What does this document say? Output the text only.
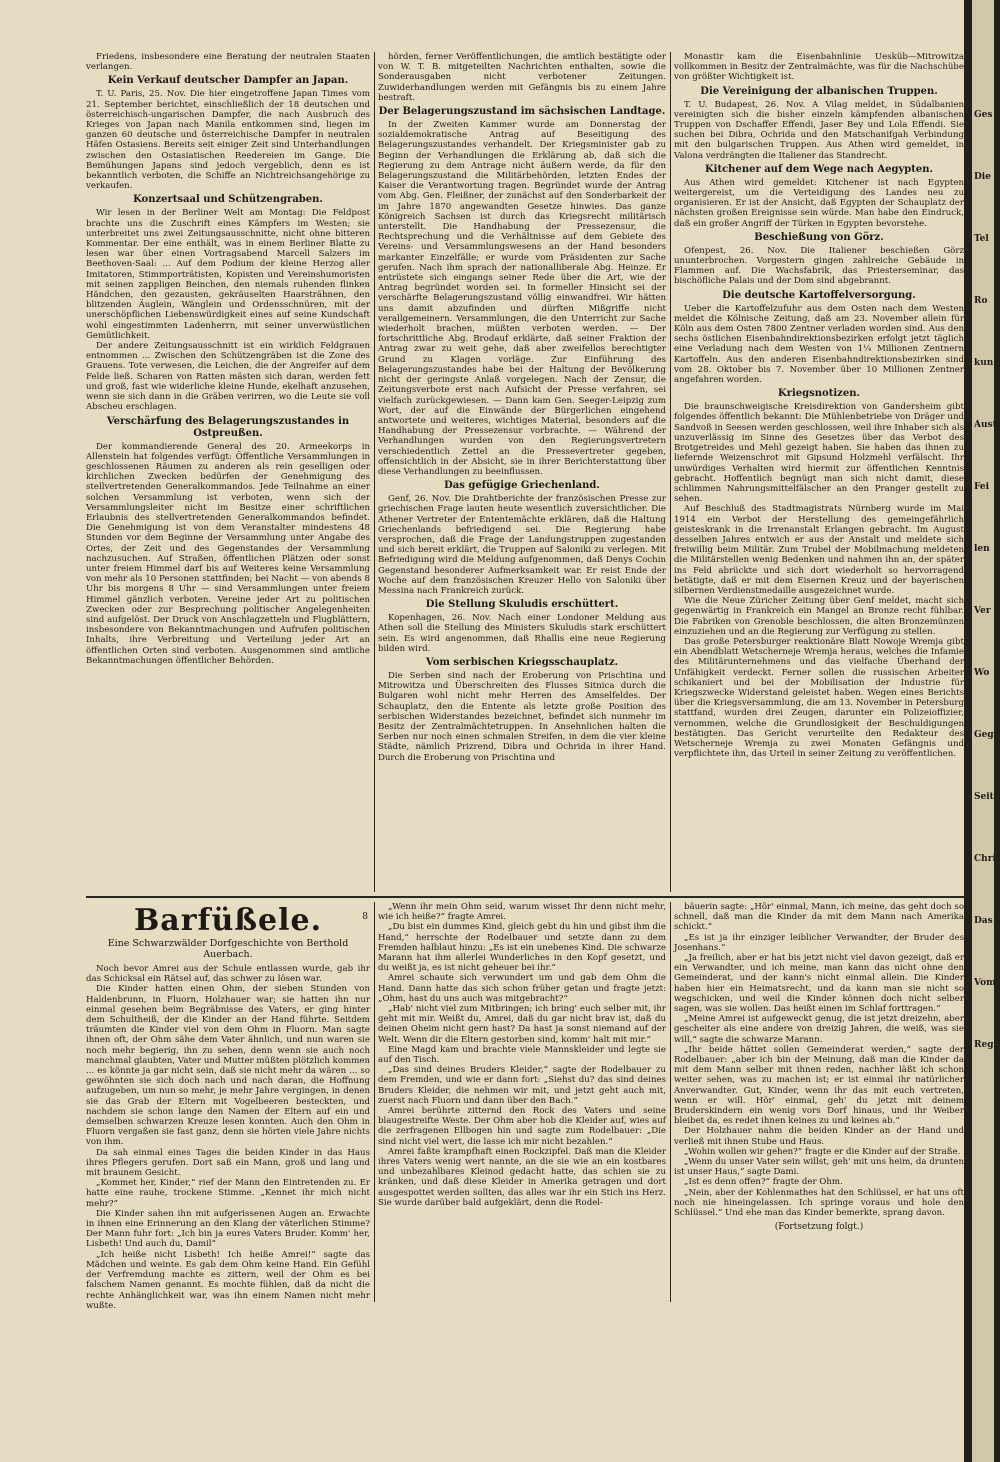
Friedens, insbesondere eine Beratung der neutralen Staaten verlangen.

Kein Verkauf deutscher Dampfer an Japan.

T. U. Paris, 25. Nov. Die hier eingetroffene Japan Times vom 21. September berichtet, einschließlich der 18 deutschen und österreichisch-ungarischen Dampfer, die nach Ausbruch des Krieges von Japan nach Manila entkommen sind, liegen im ganzen 60 deutsche und österreichische Dampfer in neutralen Häfen Ostasiens. Bereits seit einiger Zeit sind Unterhandlungen zwischen den Ostasiatischen Reedereien im Gange. Die Bemühungen Japans sind jedoch vergeblich, denn es ist bekanntlich verboten, die Schiffe an Nichtreichsangehörige zu verkaufen.

Konzertsaal und Schützengraben.

Wir lesen in der Berliner Welt am Montag: Die Feldpost brachte uns die Zuschrift eines Kämpfers im Westen; sie unterbreitet uns zwei Zeitungsausschnitte, nicht ohne bitteren Kommentar. Der eine enthält, was in einem Berliner Blatte zu lesen war über einen Vortragsabend Marcell Salzers im Beethoven-Saal: ... Auf dem Podium der kleine Herzog aller Imitatoren, Stimmporträtisten, Kopisten und Vereinshumoristen mit seinen zappligen Beinchen, den niemals ruhenden flinken Händchen, den gezausten, gekräuselten Haarsträhnen, den blitzenden Äuglein, Wänglein und Ordensschnüren, mit der unerschöpflichen Liebenswürdigkeit eines auf seine Kundschaft wohl eingestimmten Ladenherrn, mit seiner unverwüstlichen Gemütlichkeit.

Der andere Zeitungsausschnitt ist ein wirklich Feldgrauen entnommen ... Zwischen den Schützengräben ist die Zone des Grauens. Tote verwesen, die Leichen, die der Angreifer auf dem Felde ließ. Scharen von Ratten mästen sich daran, werden fett und groß, fast wie widerliche kleine Hunde, ekelhaft anzusehen, wenn sie sich dann in die Gräben verirren, wo die Leute sie voll Abscheu erschlagen.

Verschärfung des Belagerungszustandes in Ostpreußen.

Der kommandierende General des 20. Armeekorps in Allenstein hat folgendes verfügt: Öffentliche Versammlungen in geschlossenen Räumen zu anderen als rein geselligen oder kirchlichen Zwecken bedürfen der Genehmigung des stellvertretenden Generalkommandos. Jede Teilnahme an einer solchen Versammlung ist verboten, wenn sich der Versammlungsleiter nicht im Besitze einer schriftlichen Erlaubnis des stellvertretenden Generalkommandos befindet. Die Genehmigung ist von dem Veranstalter mindestens 48 Stunden vor dem Beginne der Versammlung unter Angabe des Ortes, der Zeit und des Gegenstandes der Versammlung nachzusuchen. Auf Straßen, öffentlichen Plätzen oder sonst unter freiem Himmel darf bis auf Weiteres keine Versammlung von mehr als 10 Personen stattfinden; bei Nacht — von abends 8 Uhr bis morgens 8 Uhr — sind Versammlungen unter freiem Himmel gänzlich verboten. Vereine jeder Art zu politischen Zwecken oder zur Besprechung politischer Angelegenheiten sind aufgelöst. Der Druck von Anschlagzetteln und Flugblättern, insbesondere von Bekanntmachungen und Aufrufen politischen Inhalts, ihre Verbreitung und Verteilung jeder Art an öffentlichen Orten sind verboten. Ausgenommen sind amtliche Bekanntmachungen öffentlicher Behörden.

hörden, ferner Veröffentlichungen, die amtlich bestätigte oder von W. T. B. mitgeteilten Nachrichten enthalten, sowie die Sonderausgaben nicht verbotener Zeitungen. Zuwiderhandlungen werden mit Gefängnis bis zu einem Jahre bestraft.

Der Belagerungszustand im sächsischen Landtage.

In der Zweiten Kammer wurde am Donnerstag der sozialdemokratische Antrag auf Beseitigung des Belagerungszustandes verhandelt. Der Kriegsminister gab zu Beginn der Verhandlungen die Erklärung ab, daß sich die Regierung zu dem Antrage nicht äußern werde, da für den Belagerungszustand die Militärbehörden, letzten Endes der Kaiser die Verantwortung tragen. Begründet wurde der Antrag vom Abg. Gen. Fleißner, der zunächst auf den Sonderbarkeit der im Jahre 1870 angewandten Gesetze hinwies. Das ganze Königreich Sachsen ist durch das Kriegsrecht militärisch unterstellt. Die Handhabung der Pressezensur, die Rechtsprechung und die Verhältnisse auf dem Gebiete des Vereins- und Versammlungswesens an der Hand besonders markanter Einzelfälle; er wurde vom Präsidenten zur Sache gerufen. Nach ihm sprach der nationalliberale Abg. Heinze. Er entrüstete sich eingangs seiner Rede über die Art, wie der Antrag begründet worden sei. In formeller Hinsicht sei der verschärfte Belagerungszustand völlig einwandfrei. Wir hätten uns damit abzufinden und dürften Mißgriffe nicht verallgemeinern. Versammlungen, die den Unterricht zur Sache wiederholt brachen, müßten verboten werden. — Der fortschrittliche Abg. Brodauf erklärte, daß seiner Fraktion der Antrag zwar zu weit gehe, daß aber zweifellos berechtigter Grund zu Klagen vorläge. Zur Einführung des Belagerungszustandes habe bei der Haltung der Bevölkerung nicht der geringste Anlaß vorgelegen. Nach der Zensur, die Zeitungsverbote erst nach Aufsicht der Presse verfahren, sei vielfach zurückgewiesen. — Dann kam Gen. Seeger-Leipzig zum Wort, der auf die Einwände der Bürgerlichen eingehend antwortete und weiteres, wichtiges Material, besonders auf die Handhabung der Pressezensur vorbrachte. — Während der Verhandlungen wurden von den Regierungsvertretern verschiedentlich Zettel an die Pressevertreter gegeben, offensichtlich in der Absicht, sie in ihrer Berichterstattung über diese Verhandlungen zu beeinflussen.

Das gefügige Griechenland.

Genf, 26. Nov. Die Drahtberichte der französischen Presse zur griechischen Frage lauten heute wesentlich zuversichtlicher. Die Athener Vertreter der Ententemächte erklären, daß die Haltung Griechenlands befriedigend sei. Die Regierung habe versprochen, daß die Frage der Landungstruppen zugestanden und sich bereit erklärt, die Truppen auf Saloniki zu verlegen. Mit Befriedigung wird die Meldung aufgenommen, daß Denys Cochin Gegenstand besonderer Aufmerksamkeit war. Er reist Ende der Woche auf dem französischen Kreuzer Hello von Saloniki über Messina nach Frankreich zurück.

Die Stellung Skuludis erschüttert.

Kopenhagen, 26. Nov. Nach einer Londoner Meldung aus Athen soll die Stellung des Ministers Skuludis stark erschüttert sein. Es wird angenommen, daß Rhallis eine neue Regierung bilden wird.

Vom serbischen Kriegsschauplatz.

Die Serben sind nach der Eroberung von Prischtina und Mitrowitza und Überschreiten des Flusses Sitnica durch die Bulgaren wohl nicht mehr Herren des Amselfeldes. Der Schauplatz, den die Entente als letzte große Position des serbischen Widerstandes bezeichnet, befindet sich nunmehr im Besitz der Zentralmächtetruppen. In Ansehnlichen halten die Serben nur noch einen schmalen Streifen, in dem die vier kleine Städte, nämlich Prizrend, Dibra und Ochrida in ihrer Hand. Durch die Eroberung von Prischtina und

Monastir kam die Eisenbahnlinie Uesküb—Mitrowitza vollkommen in Besitz der Zentralmächte, was für die Nachschübe von größter Wichtigkeit ist.

Die Vereinigung der albanischen Truppen.

T. U. Budapest, 26. Nov. A Vilag meldet, in Südalbanien vereinigten sich die bisher einzeln kämpfenden albanischen Truppen von Dschaffer Effendi, Jaser Bey und Lola Effendi. Sie suchen bei Dibra, Ochrida und den Matschanifgah Verbindung mit den bulgarischen Truppen. Aus Athen wird gemeldet, in Valona verdrängten die Italiener das Standrecht.

Kitchener auf dem Wege nach Aegypten.

Aus Athen wird gemeldet: Kitchener ist nach Egypten weitergereist, um die Verteidigung des Landes neu zu organisieren. Er ist der Ansicht, daß Egypten der Schauplatz der nächsten großen Ereignisse sein würde. Man habe den Eindruck, daß ein großer Angriff der Türken in Egypten bevorstehe.

Beschießung von Görz.

Ofenpest, 26. Nov. Die Italiener beschießen Görz ununterbrochen. Vorgestern gingen zahlreiche Gebäude in Flammen auf. Die Wachsfabrik, das Priesterseminar, das bischöfliche Palais und der Dom sind abgebrannt.

Die deutsche Kartoffelversorgung.

Ueber die Kartoffelzufuhr aus dem Osten nach dem Westen meldet die Kölnische Zeitung, daß am 23. November allein für Köln aus dem Osten 7800 Zentner verladen worden sind. Aus den sechs östlichen Eisenbahndirektionsbezirken erfolgt jetzt täglich eine Verladung nach dem Westen von 1¼ Millionen Zentnern Kartoffeln. Aus den anderen Eisenbahndirektionsbezirken sind vom 28. Oktober bis 7. November über 10 Millionen Zentner angefahren worden.

Kriegsnotizen.

Die braunschweigische Kreisdirektion von Gandersheim gibt folgendes öffentlich bekannt: Die Mühlenbetriebe von Dräger und Sandvoß in Seesen werden geschlossen, weil ihre Inhaber sich als unzuverlässig im Sinne des Gesetzes über das Verbot des Brotgetreides und Mehl gezeigt haben. Sie haben das ihnen zu liefernde Weizenschrot mit Gipsund Holzmehl verfälscht. Ihr unwürdiges Verhalten wird hiermit zur öffentlichen Kenntnis gebracht. Hoffentlich begnügt man sich nicht damit, diese schlimmen Nahrungsmittelfälscher an den Pranger gestellt zu sehen.

Auf Beschluß des Stadtmagistrats Nürnberg wurde im Mai 1914 ein Verbot der Herstellung des gemeingefährlich geisteskrank in die Irrenanstalt Erlangen gebracht. Im August desselben Jahres entwich er aus der Anstalt und meldete sich freiwillig beim Militär. Zum Trubel der Mobilmachung meldeten die Militärstellen wenig Bedenken und nahmen ihn an, der später ins Feld abrückte und sich dort wiederholt so hervorragend betätigte, daß er mit dem Eisernen Kreuz und der bayerischen silbernen Verdienstmedaille ausgezeichnet wurde.

Wie die Neue Züricher Zeitung über Genf meldet, macht sich gegenwärtig in Frankreich ein Mangel an Bronze recht fühlbar. Die Fabriken von Grenoble beschlossen, die alten Bronzemünzen einzuziehen und an die Regierung zur Verfügung zu stellen.

Das große Petersburger reaktionäre Blatt Nowoje Wremja gibt ein Abendblatt Wetscherneje Wremja heraus, welches die Infamie des Militärunternehmens und das vielfache Überhand der Unfähigkeit verdeckt. Ferner sollen die russischen Arbeiter schikaniert und bei der Mobilisation der Industrie für Kriegszwecke Widerstand geleistet haben. Wegen eines Berichts über die Kriegsversammlung, die am 13. November in Petersburg stattfand, wurden drei Zeugen, darunter ein Polizeioffizier, vernommen, welche die Grundlosigkeit der Beschuldigungen bestätigten. Das Gericht verurteilte den Redakteur des Wetscherneje Wremja zu zwei Monaten Gefängnis und verpflichtete ihn, das Urteil in seiner Zeitung zu veröffentlichen.

Barfüßele.	8
Eine Schwarzwälder Dorfgeschichte von Berthold Auerbach.

Noch bevor Amrei aus der Schule entlassen wurde, gab ihr das Schicksal ein Rätsel auf, das schwer zu lösen war.

Die Kinder hatten einen Ohm, der sieben Stunden von Haldenbrunn, in Fluorn, Holzhauer war; sie hatten ihn nur einmal gesehen beim Begräbnisse des Vaters, er ging hinter dem Schultheiß, der die Kinder an der Hand führte. Seitdem träumten die Kinder viel von dem Ohm in Fluorn. Man sagte ihnen oft, der Ohm sähe dem Vater ähnlich, und nun waren sie noch mehr begierig, ihn zu sehen, denn wenn sie auch noch manchmal glaubten, Vater und Mutter müßten plötzlich kommen ... es könnte ja gar nicht sein, daß sie nicht mehr da wären ... so gewöhnten sie sich doch nach und nach daran, die Hoffnung aufzugeben, um nun so mehr, je mehr Jahre vergingen, in denen sie das Grab der Eltern mit Vogelbeeren besteckten, und nachdem sie schon lange den Namen der Eltern auf ein und demselben schwarzen Kreuze lesen konnten. Auch den Ohm in Fluorn vergaßen sie fast ganz, denn sie hörten viele Jahre nichts von ihm.

Da sah einmal eines Tages die beiden Kinder in das Haus ihres Pflegers gerufen. Dort saß ein Mann, groß und lang und mit braunem Gesicht.

„Kommet her, Kinder,“ rief der Mann den Eintretenden zu. Er hatte eine rauhe, trockene Stimme. „Kennet ihr mich nicht mehr?“

Die Kinder sahen ihn mit aufgerissenen Augen an. Erwachte in ihnen eine Erinnerung an den Klang der väterlichen Stimme? Der Mann fuhr fort: „Ich bin ja eures Vaters Bruder. Komm' her, Lisbeth! Und auch du, Damil“

„Ich heiße nicht Lisbeth! Ich heiße Amrei!“ sagte das Mädchen und weinte. Es gab dem Ohm keine Hand. Ein Gefühl der Verfremdung machte es zittern, weil der Ohm es bei falschem Namen genannt. Es mochte fühlen, daß da nicht die rechte Anhänglichkeit war, was ihn einem Namen nicht mehr wußte.

„Wenn ihr mein Ohm seid, warum wisset Ihr denn nicht mehr, wie ich heiße?“ fragte Amrei.

„Du bist ein dummes Kind, gleich gebt du hin und gibst ihm die Hand,“ herrschte der Rodelbauer und setzte dann zu dem Fremden halblaut hinzu: „Es ist ein unebenes Kind. Die schwarze Marann hat ihm allerlei Wunderliches in den Kopf gesetzt, und du weißt ja, es ist nicht geheuer bei ihr.“

Amrei schaute sich verwundert um und gab dem Ohm die Hand. Dann hatte das sich schon früher getan und fragte jetzt: „Ohm, hast du uns auch was mitgebracht?“

„Hab' nicht viel zum Mitbringen; ich bring' euch selber mit, ihr geht mit mir. Weißt du, Amrei, daß du gar nicht brav ist, daß du deinen Oheim nicht gern hast? Da hast ja sonst niemand auf der Welt. Wenn dir die Eltern gestorben sind, komm' halt mit mir.“

Eine Magd kam und brachte viele Mannskleider und legte sie auf den Tisch.

„Das sind deines Bruders Kleider,“ sagte der Rodelbauer zu dem Fremden, und wie er dann fort: „Siehst du? das sind deines Bruders Kleider, die nehmen wir mit, und jetzt geht auch mit, zuerst nach Fluorn und dann über den Bach.“

Amrei berührte zitternd den Rock des Vaters und seine blaugestreifte Weste. Der Ohm aber hob die Kleider auf, wies auf die zerfragenen Ellbogen hin und sagte zum Rodelbauer: „Die sind nicht viel wert, die lasse ich mir nicht bezahlen.“

Amrei faßte krampfhaft einen Rockzipfel. Daß man die Kleider ihres Vaters wenig wert nannte, an die sie wie an ein kostbares und unbezahlbares Kleinod gedacht hatte, das schien sie zu kränken, und daß diese Kleider in Amerika getragen und dort ausgespottet werden sollten, das alles war ihr ein Stich ins Herz. Sie wurde darüber bald aufgeklärt, denn die Rodel-

bäuerin sagte: „Hör' einmal, Mann, ich meine, das geht doch so schnell, daß man die Kinder da mit dem Mann nach Amerika schickt.“

„Es ist ja ihr einziger leiblicher Verwandter, der Bruder des Josenhans.“

„Ja freilich, aber er hat bis jetzt nicht viel davon gezeigt, daß er ein Verwandter, und ich meine, man kann das nicht ohne den Gemeinderat, und der kann's nicht einmal allein. Die Kinder haben hier ein Heimatsrecht, und da kann man sie nicht so wegschicken, und weil die Kinder können doch nicht selber sagen, was sie wollen. Das heißt einen im Schlaf forttragen.“

„Meine Amrei ist aufgeweckt genug, die ist jetzt dreizehn, aber gescheiter als eine andere von dreizig Jahren, die weiß, was sie will,“ sagte die schwarze Marann.

„Ihr beide hättet sollen Gemeinderat werden,“ sagte der Rodelbauer: „aber ich bin der Meinung, daß man die Kinder da mit dem Mann selber mit ihnen reden, nachher läßt ich schon weiter sehen, was zu machen ist; er ist einmal ihr natürlicher Anverwandter. Gut, Kinder, wenn ihr das mit euch vertreten, wenn er will. Hör' einmal, geh' du jetzt mit deinem Bruderskindern ein wenig vors Dorf hinaus, und ihr Weiber bleibet da, es redet ihnen keines zu und keines ab.“

Der Holzhauer nahm die beiden Kinder an der Hand und verließ mit ihnen Stube und Haus.

„Wohin wollen wir gehen?“ fragte er die Kinder auf der Straße.

„Wenn du unser Vater sein willst, geh' mit uns heim, da drunten ist unser Haus,“ sagte Dami.

„Ist es denn offen?“ fragte der Ohm.

„Nein, aber der Kohlenmathes hat den Schlüssel, er hat uns oft noch nie hineingelassen. Ich springe voraus und hole den Schlüssel.“ Und ehe man das Kinder bemerkte, sprang davon.

(Fortsetzung folgt.)
Ges
Die
Tel
Ro
kun
Aust
Fei
len
Ver
Wo
Geg
Seit
Chri
Das
Vom
Reg
